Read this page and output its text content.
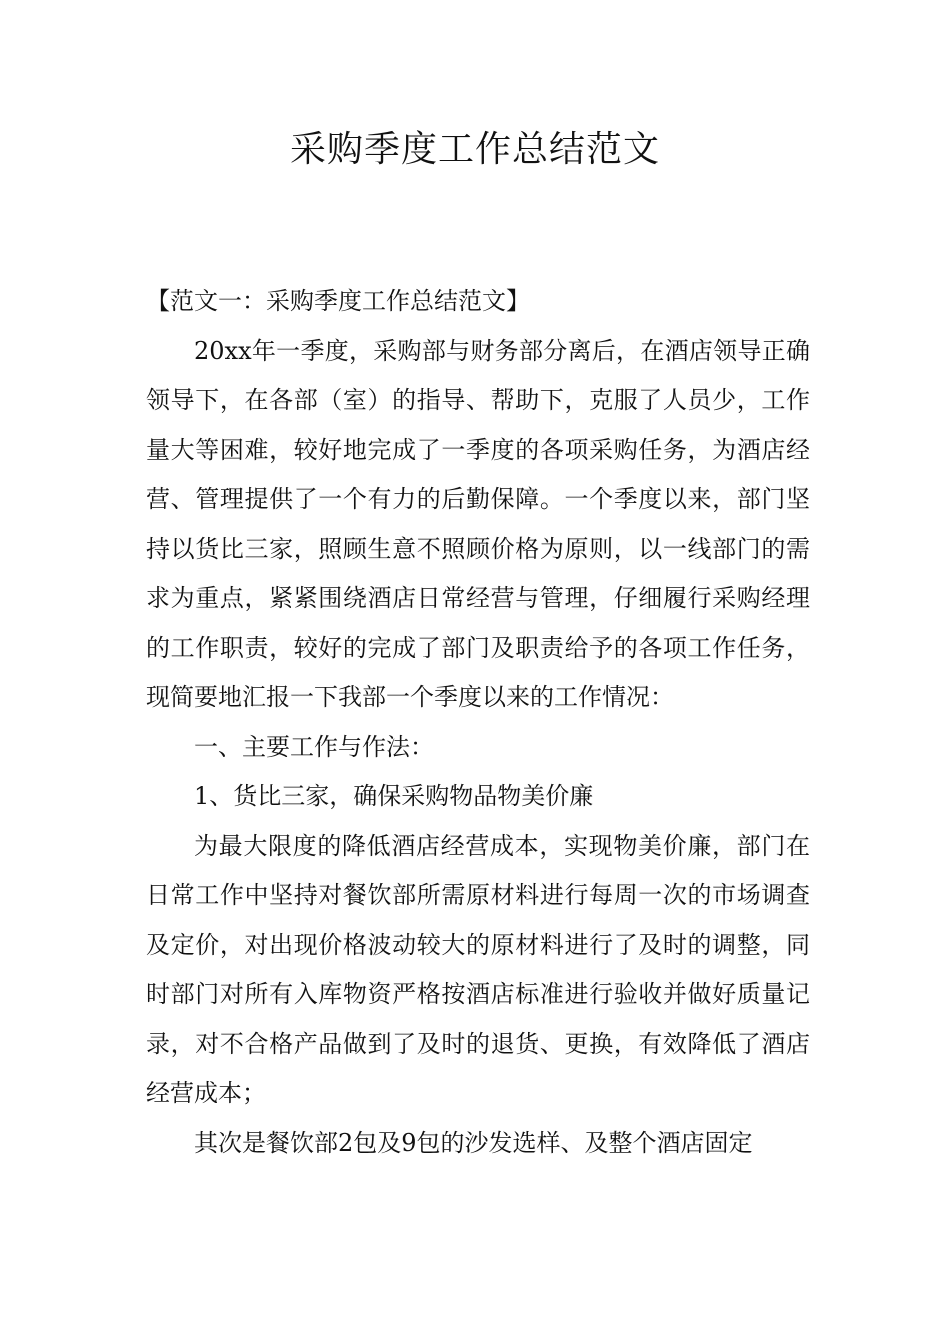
采购季度工作总结范文

【范文一：采购季度工作总结范文】

20xx年一季度，采购部与财务部分离后，在酒店领导正确领导下，在各部（室）的指导、帮助下，克服了人员少，工作量大等困难，较好地完成了一季度的各项采购任务，为酒店经营、管理提供了一个有力的后勤保障。一个季度以来，部门坚持以货比三家，照顾生意不照顾价格为原则，以一线部门的需求为重点，紧紧围绕酒店日常经营与管理，仔细履行采购经理的工作职责，较好的完成了部门及职责给予的各项工作任务，现简要地汇报一下我部一个季度以来的工作情况：

一、主要工作与作法：

1、货比三家，确保采购物品物美价廉

为最大限度的降低酒店经营成本，实现物美价廉，部门在日常工作中坚持对餐饮部所需原材料进行每周一次的市场调查及定价，对出现价格波动较大的原材料进行了及时的调整，同时部门对所有入库物资严格按酒店标准进行验收并做好质量记录，对不合格产品做到了及时的退货、更换，有效降低了酒店经营成本；

其次是餐饮部2包及9包的沙发选样、及整个酒店固定
